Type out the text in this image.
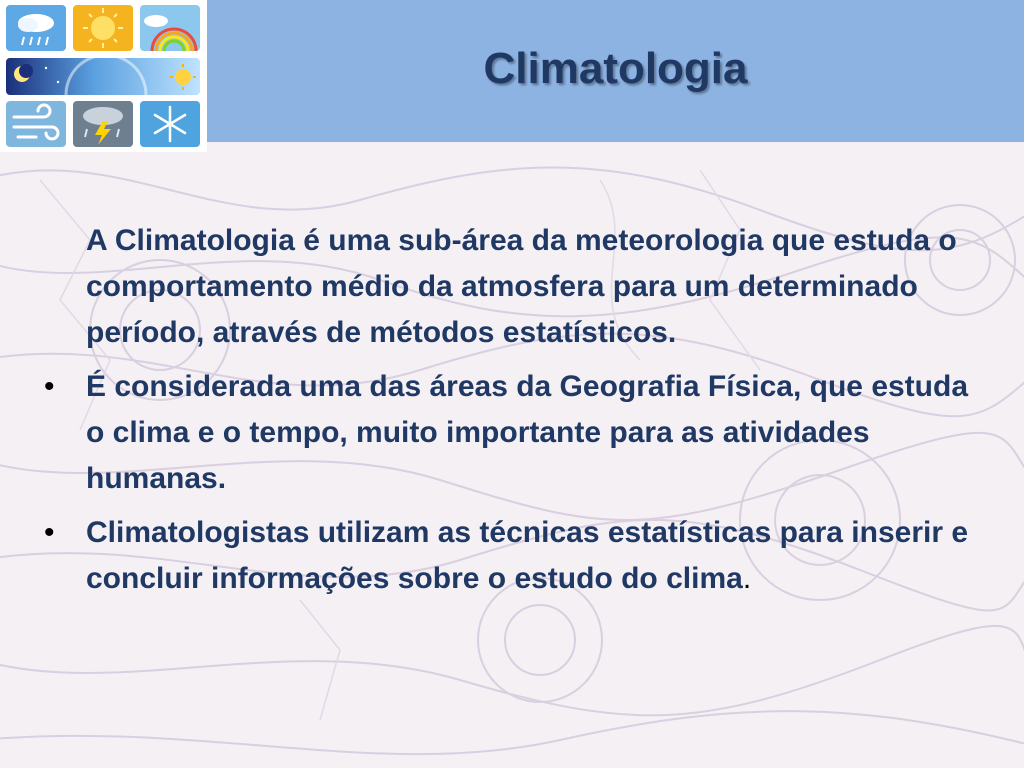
Climatologia

A Climatologia é uma sub-área da meteorologia que estuda o comportamento médio da atmosfera para um determinado período, através de métodos estatísticos.

•	É considerada uma das áreas da Geografia Física, que estuda o clima e o tempo, muito importante para as atividades humanas.

•	Climatologistas utilizam as técnicas estatísticas para inserir e concluir informações sobre o estudo do clima.
